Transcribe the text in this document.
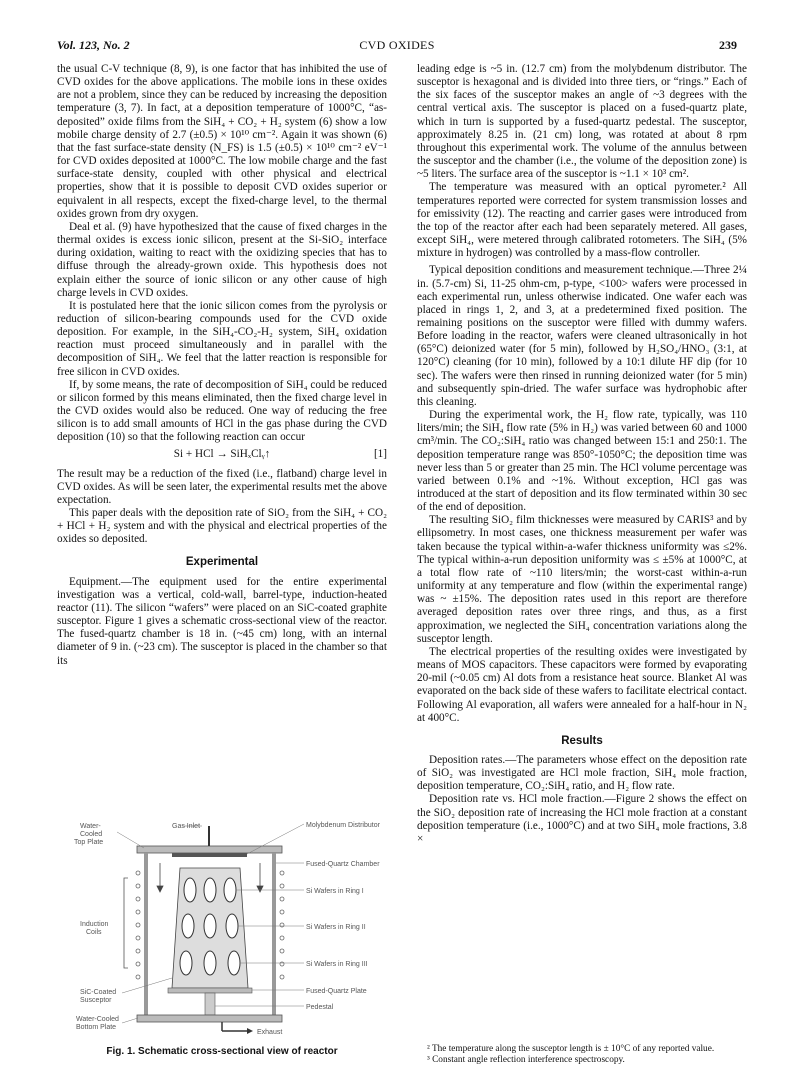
Vol. 123, No. 2	CVD OXIDES	239

the usual C-V technique (8, 9), is one factor that has inhibited the use of CVD oxides for the above applications. The mobile ions in these oxides are not a problem, since they can be reduced by increasing the deposition temperature (3, 7). In fact, at a deposition temperature of 1000°C, “as-deposited” oxide films from the SiH₄ + CO₂ + H₂ system (6) show a low mobile charge density of 2.7 (±0.5) × 10¹⁰ cm⁻². Again it was shown (6) that the fast surface-state density (N_FS) is 1.5 (±0.5) × 10¹⁰ cm⁻² eV⁻¹ for CVD oxides deposited at 1000°C. The low mobile charge and the fast surface-state density, coupled with other physical and electrical properties, show that it is possible to deposit CVD oxides superior or equivalent in all respects, except the fixed-charge level, to the thermal oxides grown from dry oxygen.

Deal et al. (9) have hypothesized that the cause of fixed charges in the thermal oxides is excess ionic silicon, present at the Si-SiO₂ interface during oxidation, waiting to react with the oxidizing species that has to diffuse through the already-grown oxide. This hypothesis does not explain either the source of ionic silicon or any other cause of high charge levels in CVD oxides.

It is postulated here that the ionic silicon comes from the pyrolysis or reduction of silicon-bearing compounds used for the CVD oxide deposition. For example, in the SiH₄-CO₂-H₂ system, SiH₄ oxidation reaction must proceed simultaneously and in parallel with the decomposition of SiH₄. We feel that the latter reaction is responsible for free silicon in CVD oxides.

If, by some means, the rate of decomposition of SiH₄ could be reduced or silicon formed by this means eliminated, then the fixed charge level in the CVD oxides would also be reduced. One way of reducing the free silicon is to add small amounts of HCl in the gas phase during the CVD deposition (10) so that the following reaction can occur

Si + HCl → SiHₓClᵧ↑	[1]

The result may be a reduction of the fixed (i.e., flatband) charge level in CVD oxides. As will be seen later, the experimental results met the above expectation.

This paper deals with the deposition rate of SiO₂ from the SiH₄ + CO₂ + HCl + H₂ system and with the physical and electrical properties of the oxides so deposited.

Experimental

Equipment.—The equipment used for the entire experimental investigation was a vertical, cold-wall, barrel-type, induction-heated reactor (11). The silicon “wafers” were placed on an SiC-coated graphite susceptor. Figure 1 gives a schematic cross-sectional view of the reactor. The fused-quartz chamber is 18 in. (~45 cm) long, with an internal diameter of 9 in. (~23 cm). The susceptor is placed in the chamber so that its

leading edge is ~5 in. (12.7 cm) from the molybdenum distributor. The susceptor is hexagonal and is divided into three tiers, or “rings.” Each of the six faces of the susceptor makes an angle of ~3 degrees with the central vertical axis. The susceptor is placed on a fused-quartz plate, which in turn is supported by a fused-quartz pedestal. The susceptor, approximately 8.25 in. (21 cm) long, was rotated at about 8 rpm throughout this experimental work. The volume of the annulus between the susceptor and the chamber (i.e., the volume of the deposition zone) is ~5 liters. The surface area of the susceptor is ~1.1 × 10³ cm².

The temperature was measured with an optical pyrometer.² All temperatures reported were corrected for system transmission losses and for emissivity (12). The reacting and carrier gases were introduced from the top of the reactor after each had been separately metered. All gases, except SiH₄, were metered through calibrated rotometers. The SiH₄ (5% mixture in hydrogen) was controlled by a mass-flow controller.

Typical deposition conditions and measurement technique.—Three 2¼ in. (5.7-cm) Si, 11-25 ohm-cm, p-type, <100> wafers were processed in each experimental run, unless otherwise indicated. One wafer each was placed in rings 1, 2, and 3, at a predetermined fixed position. The remaining positions on the susceptor were filled with dummy wafers. Before loading in the reactor, wafers were cleaned ultrasonically in hot (65°C) deionized water (for 5 min), followed by H₂SO₄/HNO₃ (3:1, at 120°C) cleaning (for 10 min), followed by a 10:1 dilute HF dip (for 10 sec). The wafers were then rinsed in running deionized water (for 5 min) and subsequently spin-dried. The wafer surface was hydrophobic after this cleaning.

During the experimental work, the H₂ flow rate, typically, was 110 liters/min; the SiH₄ flow rate (5% in H₂) was varied between 60 and 1000 cm³/min. The CO₂:SiH₄ ratio was changed between 15:1 and 250:1. The deposition temperature range was 850°-1050°C; the deposition time was never less than 5 or greater than 25 min. The HCl volume percentage was varied between 0.1% and ~1%. Without exception, HCl gas was introduced at the start of deposition and its flow terminated within 30 sec of the end of deposition.

The resulting SiO₂ film thicknesses were measured by CARIS³ and by ellipsometry. In most cases, one thickness measurement per wafer was taken because the typical within-a-wafer thickness uniformity was ≤2%. The typical within-a-run deposition uniformity was ≤ ±5% at 1000°C, at a total flow rate of ~110 liters/min; the worst-cast within-a-run uniformity at any temperature and flow (within the experimental range) was ~ ±15%. The deposition rates used in this report are therefore averaged deposition rates over three rings, and thus, as a first approximation, we neglected the SiH₄ concentration variations along the susceptor length.

The electrical properties of the resulting oxides were investigated by means of MOS capacitors. These capacitors were formed by evaporating 20-mil (~0.05 cm) Al dots from a resistance heat source. Blanket Al was evaporated on the back side of these wafers to facilitate electrical contact. Following Al evaporation, all wafers were annealed for a half-hour in N₂ at 400°C.

Results

Deposition rates.—The parameters whose effect on the deposition rate of SiO₂ was investigated are HCl mole fraction, SiH₄ mole fraction, deposition temperature, CO₂:SiH₄ ratio, and H₂ flow rate.

Deposition rate vs. HCl mole fraction.—Figure 2 shows the effect on the SiO₂ deposition rate of increasing the HCl mole fraction at a constant deposition temperature (i.e., 1000°C) and at two SiH₄ mole fractions, 3.8 ×

Gas Inlet	Molybdenum Distributor
Water-
Cooled
Top Plate
Fused-Quartz Chamber
Si Wafers in Ring I
Si Wafers in Ring II
Si Wafers in Ring III
Induction
Coils
Fused-Quartz Plate
SiC-Coated
Susceptor
Pedestal
Exhaust
Water-Cooled
Bottom Plate
Fig. 1. Schematic cross-sectional view of reactor	² The temperature along the susceptor length is ± 10°C of any reported value.
³ Constant angle reflection interference spectroscopy.
